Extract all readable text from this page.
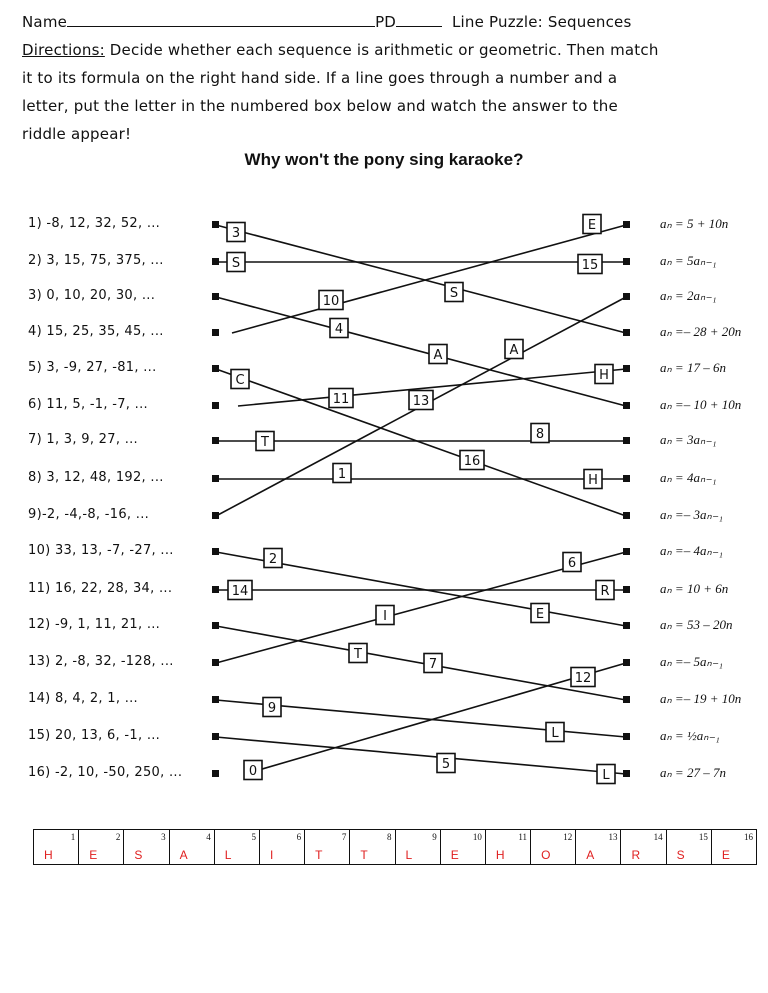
Name	PD	Line Puzzle: Sequences
Directions: Decide whether each sequence is arithmetic or geometric. Then match
it to its formula on the right hand side. If a line goes through a number and a
letter, put the letter in the numbered box below and watch the answer to the
riddle appear!
Why won't the pony sing karaoke?
1) -8, 12, 32, 52, ...
2) 3, 15, 75, 375, ...
3) 0, 10, 20, 30, ...
4) 15, 25, 35, 45, ...
5) 3, -9, 27, -81, ...
6) 11, 5, -1, -7, ...
7) 1, 3, 9, 27, ...
8) 3, 12, 48, 192, ...
9)-2, -4,-8, -16, ...
10) 33, 13, -7, -27, ...
11) 16, 22, 28, 34, ...
12) -9, 1, 11, 21, ...
13) 2, -8, 32, -128, ...
14) 8, 4, 2, 1, ...
15) 20, 13, 6, -1, ...
16) -2, 10, -50, 250, ...
aₙ = 5 + 10n
aₙ = 5aₙ₋₁
aₙ = 2aₙ₋₁
aₙ =– 28 + 20n
aₙ = 17 – 6n
aₙ =– 10 + 10n
aₙ = 3aₙ₋₁
aₙ = 4aₙ₋₁
aₙ =– 3aₙ₋₁
aₙ =– 4aₙ₋₁
aₙ = 10 + 6n
aₙ = 53 – 20n
aₙ =– 5aₙ₋₁
aₙ =– 19 + 10n
aₙ = ½aₙ₋₁
aₙ = 27 – 7n
3
S
E
15
10
S
4
A	A
C
11	13
H
T
8
16
1	H
2	6
14	R
I	E
T
7
12
9
L
5
0	L
1
H
2
E
3
S
4
A
5
L
6
I
7
T
8
T
9
L
10
E
11
H
12
O
13
A
14
R
15
S
16
E
